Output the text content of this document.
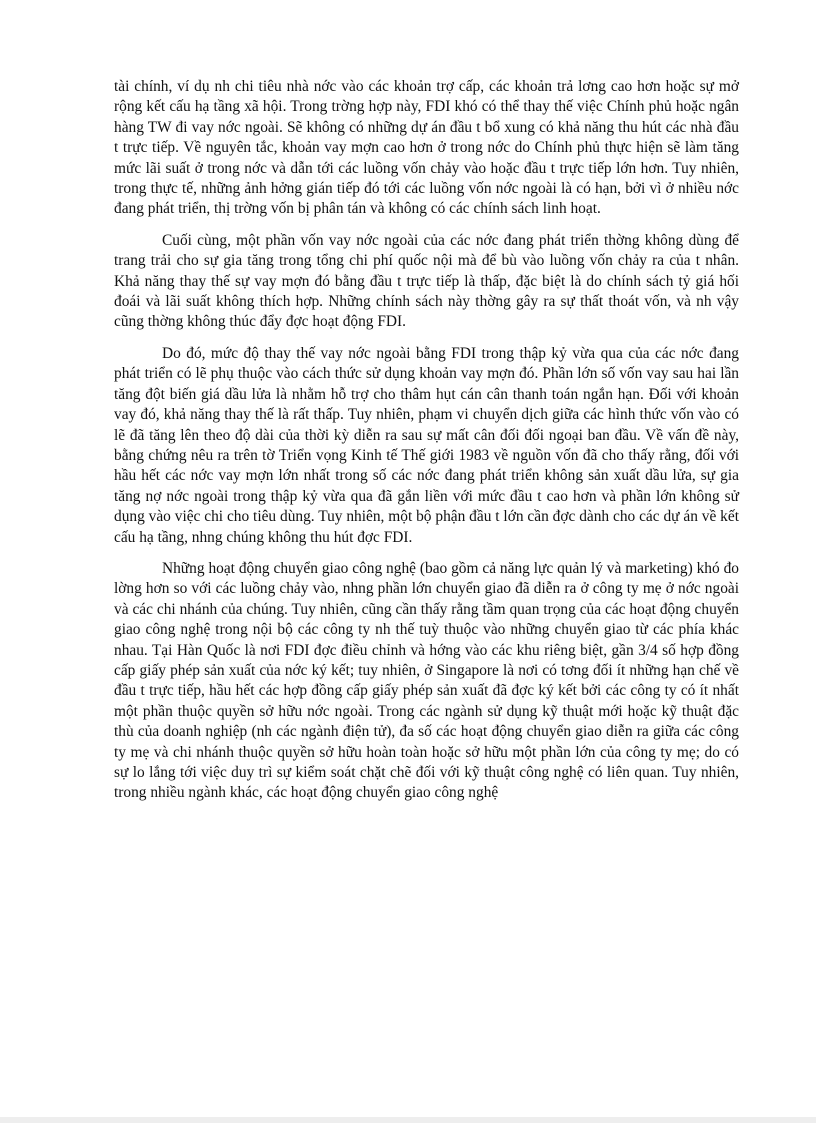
tài chính, ví dụ nh chi tiêu nhà nớc vào các khoản trợ cấp, các khoản trả lơng cao hơn hoặc sự mở rộng kết cấu hạ tầng xã hội. Trong trờng hợp này, FDI khó có thể thay thế việc Chính phủ hoặc ngân hàng TW đi vay nớc ngoài. Sẽ không có những dự án đầu t bổ xung có khả năng thu hút các nhà đầu t trực tiếp. Về nguyên tắc, khoản vay mợn cao hơn ở trong nớc do Chính phủ thực hiện sẽ làm tăng mức lãi suất ở trong nớc và dẫn tới các luồng vốn chảy vào hoặc đầu t trực tiếp lớn hơn. Tuy nhiên, trong thực tế, những ảnh hởng gián tiếp đó tới các luồng vốn nớc ngoài là có hạn, bởi vì ở nhiều nớc đang phát triển, thị trờng vốn bị phân tán và không có các chính sách linh hoạt.

Cuối cùng, một phần vốn vay nớc ngoài của các nớc đang phát triển thờng không dùng để trang trải cho sự gia tăng trong tổng chi phí quốc nội mà để bù vào luồng vốn chảy ra của t nhân. Khả năng thay thế sự vay mợn đó bằng đầu t trực tiếp là thấp, đặc biệt là do chính sách tỷ giá hối đoái và lãi suất không thích hợp. Những chính sách này thờng gây ra sự thất thoát vốn, và nh vậy cũng thờng không thúc đẩy đợc hoạt động FDI.

Do đó, mức độ thay thế vay nớc ngoài bằng FDI trong thập kỷ vừa qua của các nớc đang phát triển có lẽ phụ thuộc vào cách thức sử dụng khoản vay mợn đó. Phần lớn số vốn vay sau hai lần tăng đột biến giá dầu lửa là nhằm hỗ trợ cho thâm hụt cán cân thanh toán ngắn hạn. Đối với khoản vay đó, khả năng thay thế là rất thấp. Tuy nhiên, phạm vi chuyển dịch giữa các hình thức vốn vào có lẽ đã tăng lên theo độ dài của thời kỳ diễn ra sau sự mất cân đối đối ngoại ban đầu. Về vấn đề này, bằng chứng nêu ra trên tờ Triển vọng Kinh tế Thế giới 1983 về nguồn vốn đã cho thấy rằng, đối với hầu hết các nớc vay mợn lớn nhất trong số các nớc đang phát triển không sản xuất dầu lửa, sự gia tăng nợ nớc ngoài trong thập kỷ vừa qua đã gắn liền với mức đầu t cao hơn và phần lớn không sử dụng vào việc chi cho tiêu dùng. Tuy nhiên, một bộ phận đầu t lớn cần đợc dành cho các dự án về kết cấu hạ tầng, nhng chúng không thu hút đợc FDI.

Những hoạt động chuyển giao công nghệ (bao gồm cả năng lực quản lý và marketing) khó đo lờng hơn so với các luồng chảy vào, nhng phần lớn chuyển giao đã diễn ra ở công ty mẹ ở nớc ngoài và các chi nhánh của chúng. Tuy nhiên, cũng cần thấy rằng tầm quan trọng của các hoạt động chuyển giao công nghệ trong nội bộ các công ty nh thế tuỳ thuộc vào những chuyển giao từ các phía khác nhau. Tại Hàn Quốc là nơi FDI đợc điều chỉnh và hớng vào các khu riêng biệt, gần 3/4 số hợp đồng cấp giấy phép sản xuất của nớc ký kết; tuy nhiên, ở Singapore là nơi có tơng đối ít những hạn chế về đầu t trực tiếp, hầu hết các hợp đồng cấp giấy phép sản xuất đã đợc ký kết bởi các công ty có ít nhất một phần thuộc quyền sở hữu nớc ngoài. Trong các ngành sử dụng kỹ thuật mới hoặc kỹ thuật đặc thù của doanh nghiệp (nh các ngành điện tử), đa số các hoạt động chuyển giao diễn ra giữa các công ty mẹ và chi nhánh thuộc quyền sở hữu hoàn toàn hoặc sở hữu một phần lớn của công ty mẹ; do có sự lo lắng tới việc duy trì sự kiểm soát chặt chẽ đối với kỹ thuật công nghệ có liên quan. Tuy nhiên, trong nhiều ngành khác, các hoạt động chuyển giao công nghệ
